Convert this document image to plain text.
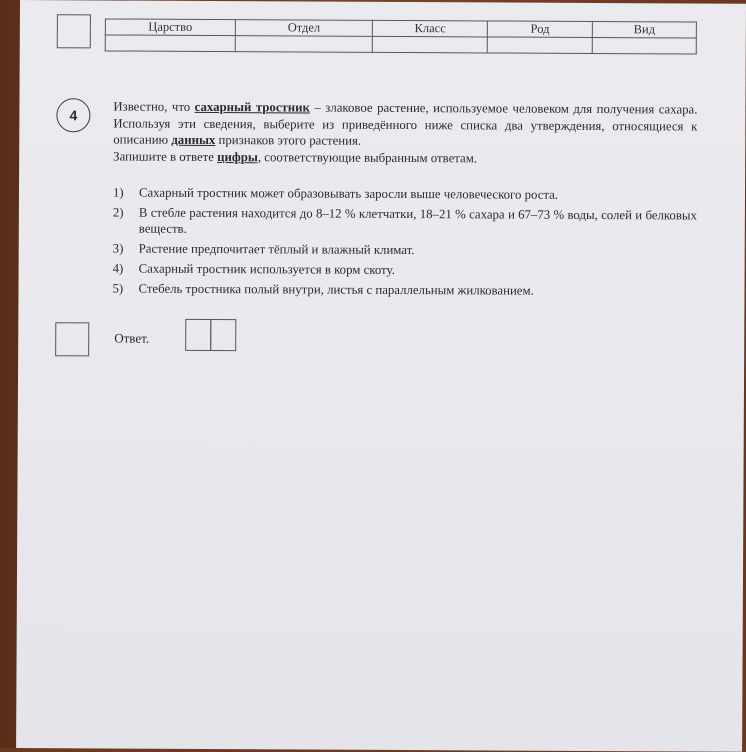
Царство	Отдел	Класс	Род	Вид

4
Известно, что сахарный тростник – злаковое растение, используемое человеком для получения сахара. Используя эти сведения, выберите из приведённого ниже списка два утверждения, относящиеся к описанию данных признаков этого растения.
Запишите в ответе цифры, соответствующие выбранным ответам.
1)	Сахарный тростник может образовывать заросли выше человеческого роста.
2)	В стебле растения находится до 8–12 % клетчатки, 18–21 % сахара и 67–73 % воды, солей и белковых веществ.
3)	Растение предпочитает тёплый и влажный климат.
4)	Сахарный тростник используется в корм скоту.
5)	Стебель тростника полый внутри, листья с параллельным жилкованием.
Ответ.
